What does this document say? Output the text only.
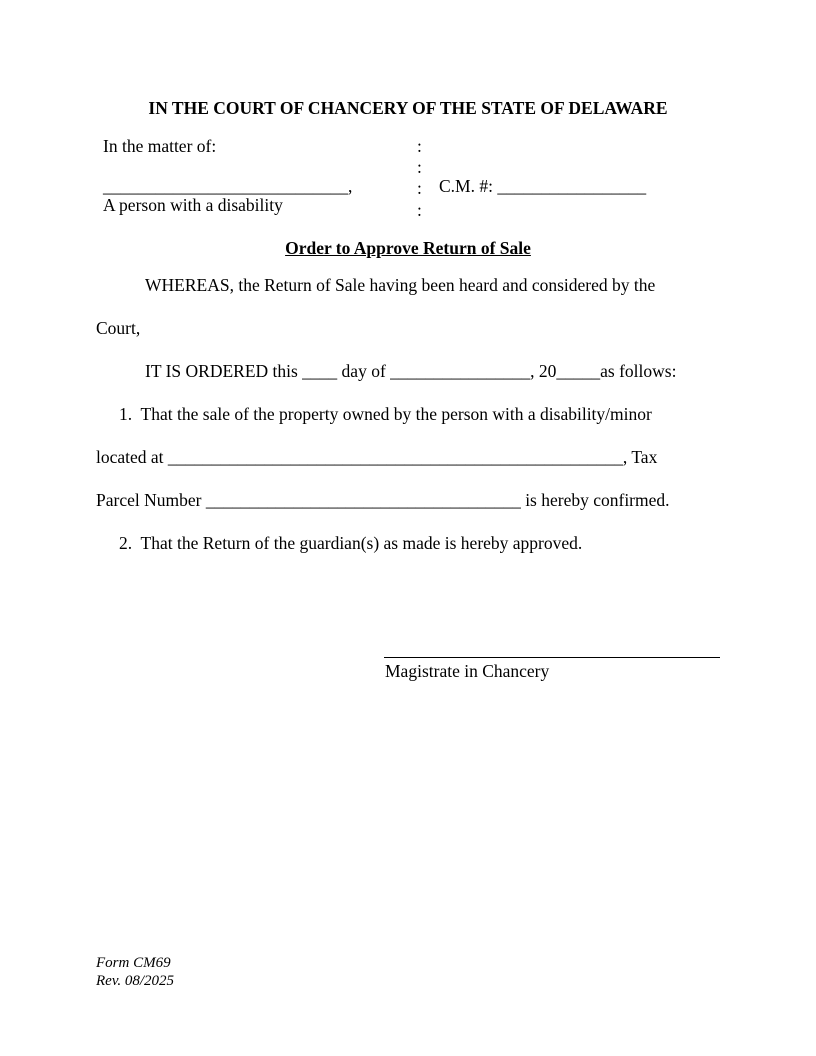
IN THE COURT OF CHANCERY OF THE STATE OF DELAWARE
In the matter of:
____________________________,
A person with a disability
:
:
:
:
C.M. #: _________________
Order to Approve Return of Sale
WHEREAS, the Return of Sale having been heard and considered by the
Court,
IT IS ORDERED this ____ day of ________________, 20_____as follows:
1.  That the sale of the property owned by the person with a disability/minor
located at ____________________________________________________, Tax
Parcel Number ____________________________________ is hereby confirmed.
2.  That the Return of the guardian(s) as made is hereby approved.
Magistrate in Chancery
Form CM69
Rev. 08/2025
